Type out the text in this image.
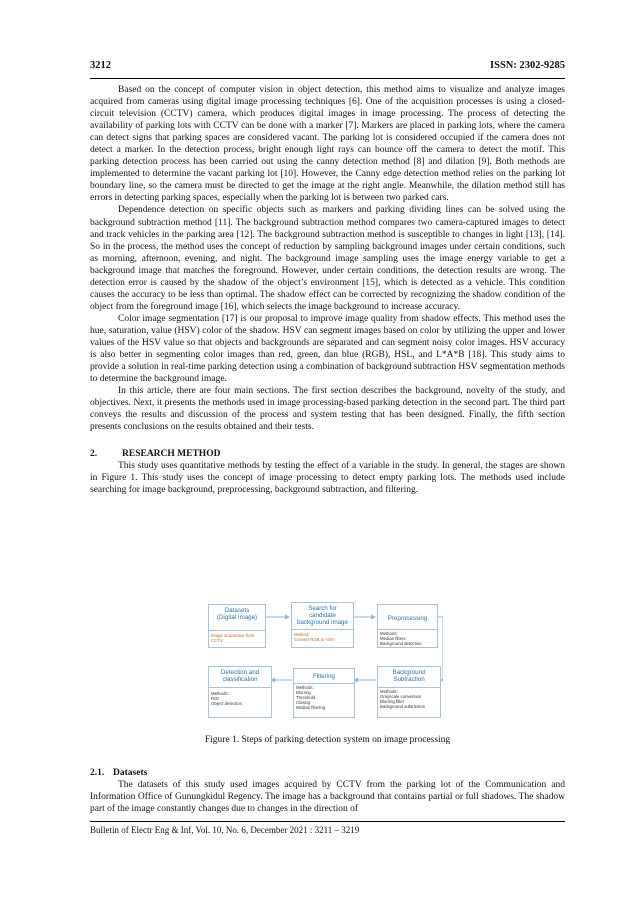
3212	ISSN: 2302-9285

Based on the concept of computer vision in object detection, this method aims to visualize and analyze images acquired from cameras using digital image processing techniques [6]. One of the acquisition processes is using a closed-circuit television (CCTV) camera, which produces digital images in image processing. The process of detecting the availability of parking lots with CCTV can be done with a marker [7]. Markers are placed in parking lots, where the camera can detect signs that parking spaces are considered vacant. The parking lot is considered occupied if the camera does not detect a marker. In the detection process, bright enough light rays can bounce off the camera to detect the motif. This parking detection process has been carried out using the canny detection method [8] and dilation [9]. Both methods are implemented to determine the vacant parking lot [10]. However, the Canny edge detection method relies on the parking lot boundary line, so the camera must be directed to get the image at the right angle. Meanwhile, the dilation method still has errors in detecting parking spaces, especially when the parking lot is between two parked cars.

Dependence detection on specific objects such as markers and parking dividing lines can be solved using the background subtraction method [11]. The background subtraction method compares two camera-captured images to detect and track vehicles in the parking area [12]. The background subtraction method is susceptible to changes in light [13], [14]. So in the process, the method uses the concept of reduction by sampling background images under certain conditions, such as morning, afternoon, evening, and night. The background image sampling uses the image energy variable to get a background image that matches the foreground. However, under certain conditions, the detection results are wrong. The detection error is caused by the shadow of the object’s environment [15], which is detected as a vehicle. This condition causes the accuracy to be less than optimal. The shadow effect can be corrected by recognizing the shadow condition of the object from the foreground image [16], which selects the image background to increase accuracy.

Color image segmentation [17] is our proposal to improve image quality from shadow effects. This method uses the hue, saturation, value (HSV) color of the shadow. HSV can segment images based on color by utilizing the upper and lower values of the HSV value so that objects and backgrounds are separated and can segment noisy color images. HSV accuracy is also better in segmenting color images than red, green, dan blue (RGB), HSL, and L*A*B [18]. This study aims to provide a solution in real-time parking detection using a combination of background subtraction HSV segmentation methods to determine the background image.

In this article, there are four main sections. The first section describes the background, novelty of the study, and objectives. Next, it presents the methods used in image processing-based parking detection in the second part. The third part conveys the results and discussion of the process and system testing that has been designed. Finally, the fifth section presents conclusions on the results obtained and their tests.

2.	RESEARCH METHOD

This study uses quantitative methods by testing the effect of a variable in the study. In general, the stages are shown in Figure 1. This study uses the concept of image processing to detect empty parking lots. The methods used include searching for image background, preprocessing, background subtraction, and filtering.

Datasets
(Digital Image)
Image acquisition from
CCTV
Search for
candidate
background image
Method:
Convert RGB to HSV
Preprocessing
Methods:
Median filters
Background detection
Background
Subtraction
Methods:
Grayscale conversion
Blurring filter
Background subtraction
Filtering
Methods:
Blurring
Threshold
Closing
Median filtering
Detection and
classification
Methods:
ROI
Object detection
Figure 1. Steps of parking detection system on image processing
2.1. Datasets

The datasets of this study used images acquired by CCTV from the parking lot of the Communication and Information Office of Gunungkidul Regency. The image has a background that contains partial or full shadows. The shadow part of the image constantly changes due to changes in the direction of

Bulletin of Electr Eng & Inf, Vol. 10, No. 6, December 2021 : 3211 – 3219
